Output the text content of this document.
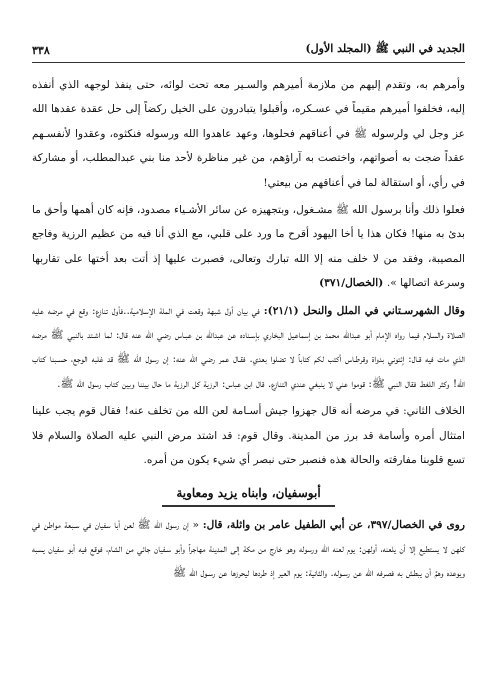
الجديد في النبي ﷺ (المجلد الأول)
٣٣٨

وأمرهم به، وتقدم إليهم من ملازمة أميرهم والسـير معه تحت لوائه، حتى ينفذ لوجهه الذي أنفذه إليه، فخلفوا أميرهم مقيماً في عسـكره، وأقبلوا يتبادرون على الخيل ركضاً إلى حل عقدة عقدها الله عز وجل لي ولرسوله ﷺ في أعناقهم فحلوها، وعهد عاهدوا الله ورسوله فنكثوه، وعقدوا لأنفسـهم عقداً ضجت به أصواتهم، واختصت به آراؤهم، من غير مناظرة لأحد منا بني عبدالمطلب، أو مشاركة في رأي، أو استقالة لما في أعناقهم من بيعتي!

فعلوا ذلك وأنا برسول الله ﷺ مشـغول، وبتجهيزه عن سائر الأشـياء مصدود، فإنه كان أهمها وأحق ما بدئ به منها! فكان هذا يا أخا اليهود أقرح ما ورد على قلبي، مع الذي أنا فيه من عظيم الرزية وفاجع المصيبة، وفقد من لا خلف منه إلا الله تبارك وتعالى، فصبرت عليها إذ أتت بعد أختها على تقاربها وسرعة اتصالها ». (الخصال/٣٧١)

وقال الشهرسـتاني في الملل والنحل (٢١/١): في بيان أول شبهة وقعت في الملة الإسلامية..فأول تنازع: وقع في مرضه عليه الصلاة والسلام فيما رواه الإمام أبو عبدالله محمد بن إسماعيل البخاري بإسـناده عن عبدالله بن عبـاس رضي الله عنه قال: لما اشـتد بالنبي ﷺ مرضه الذي مات فيه قـال: إئتوني بدواة وقرطـاس أكتب لكم كتاباً لا تضلوا بعدي. فقـال عمر رضي الله عنه: إن رسول الله ﷺ قد غلبه الوجع، حسـبنا كتاب الله! وكثر اللغط فقال النبي ﷺ: قوموا عني لا ينبغي عندي التنازع. قال ابن عباس: الرزية كل الرزية ما حال بيننا وبين كتاب رسول الله ﷺ.

الخلاف الثاني: في مرضه أنه قال جهزوا جيش أسـامة لعن الله من تخلف عنه! فقال قوم يجب علينا امتثال أمره وأسامة قد برز من المدينة. وقال قوم: قد اشتد مرض النبي عليه الصلاة والسلام فلا تسع قلوبنا مفارقته والحالة هذه فنصبر حتى نبصر أي شيء يكون من أمره.

أبوسفيان، وابناه يزيد ومعاوية

روى في الخصال/٣٩٧، عن أبي الطفيل عامر بن واثلة، قال: « إن رسول الله ﷺ لعن أبا سفيان في سـبعة مواطن في كلهن لا يستطيع إلا أن يلعنه، أولهن: يوم لعنه الله ورسوله وهو خارج من مكة إلى المدينة مهاجراً وأبو سـفيان جائي من الشام، فوقع فيه أبو سفيان يسبه ويوعده وهمَّ أن يبطش به فصرفه الله عن رسـوله. والثانية: يوم العير إذ طردها ليحرزها عن رسـول الله ﷺ
